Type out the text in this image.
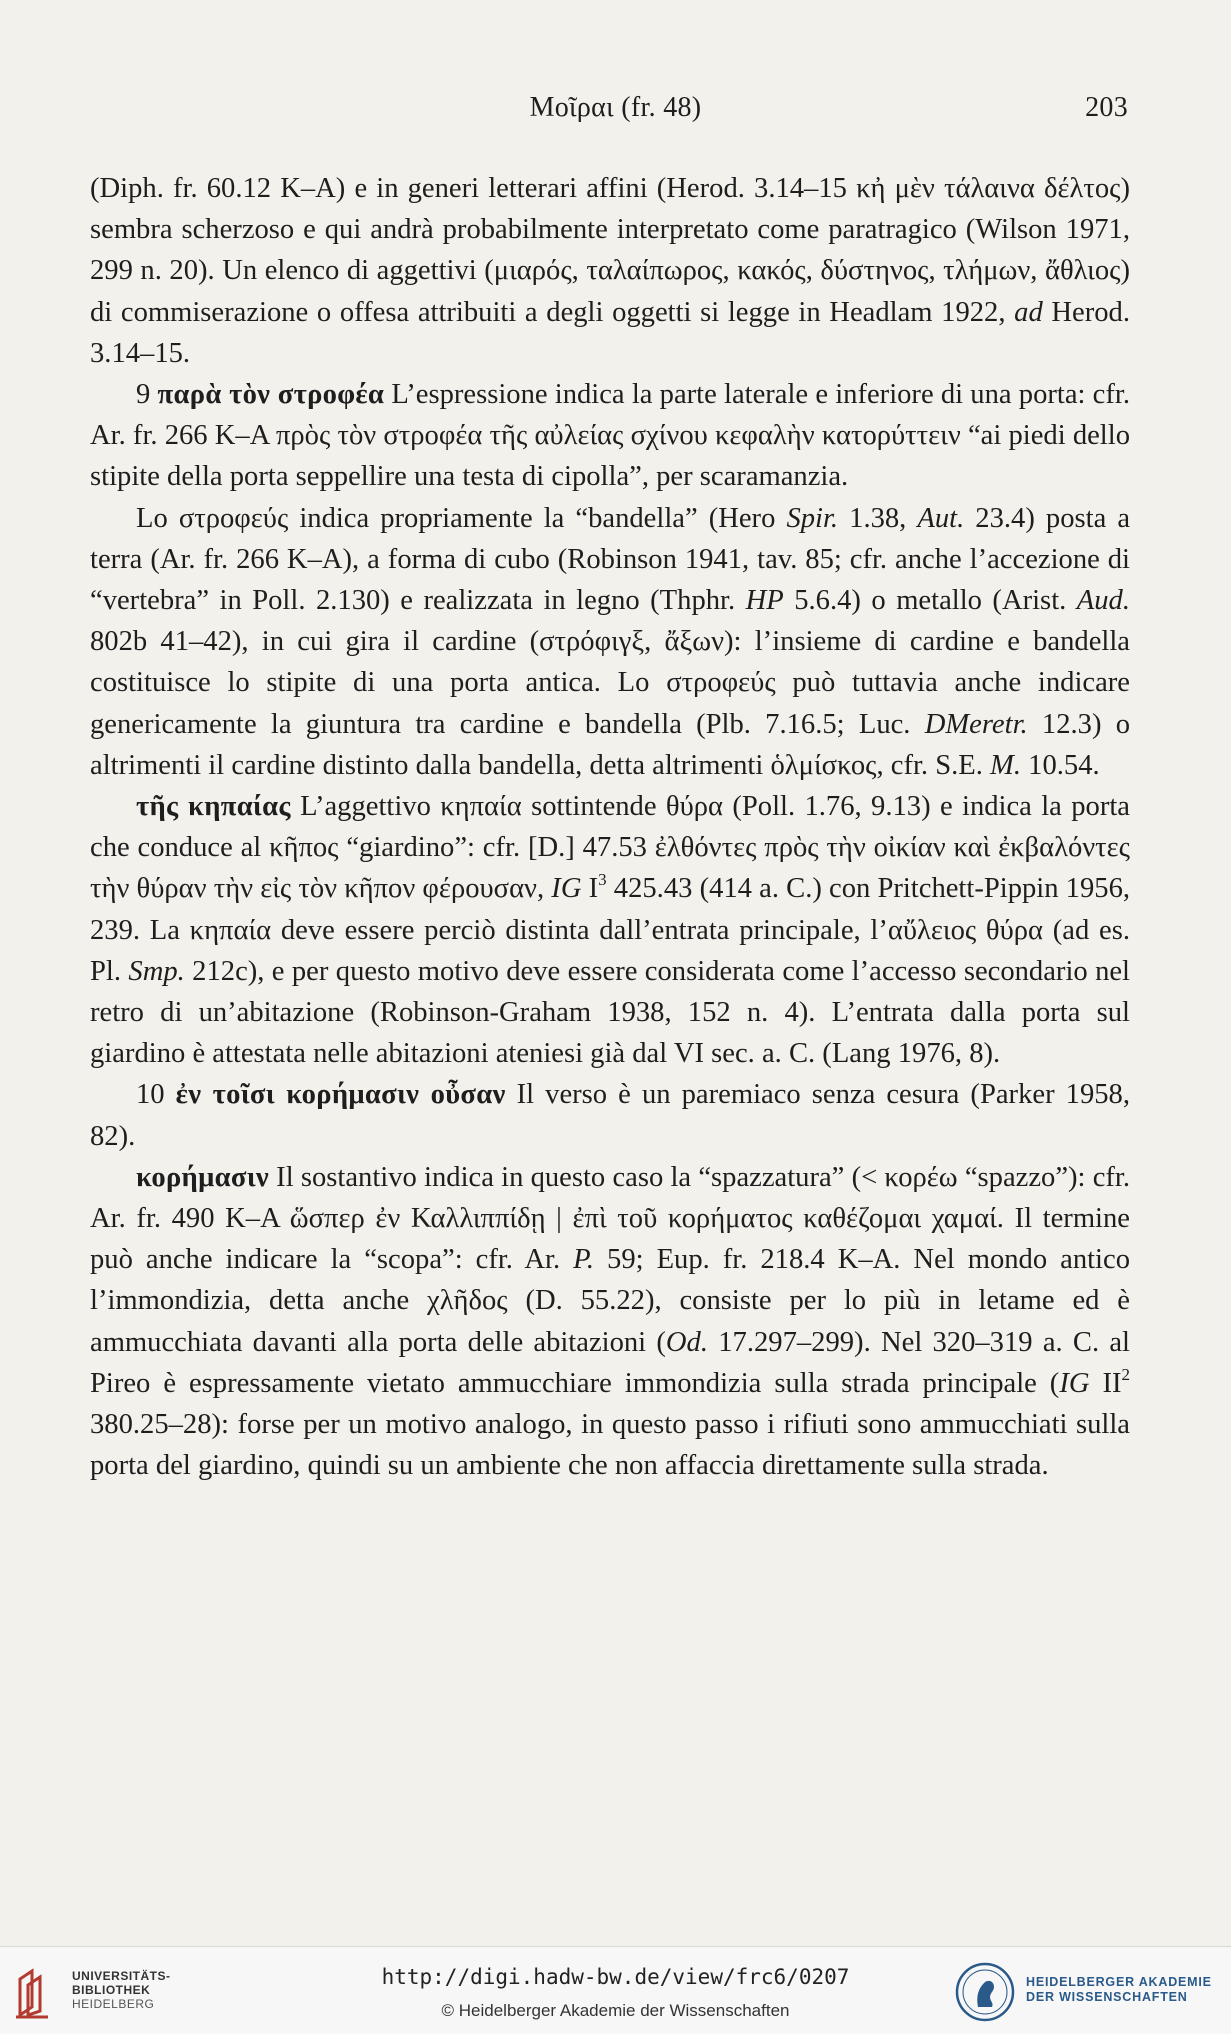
Μοῖραι (fr. 48)	203

(Diph. fr. 60.12 K–A) e in generi letterari affini (Herod. 3.14–15 κἠ μὲν τάλαινα δέλτος) sembra scherzoso e qui andrà probabilmente interpretato come paratragico (Wilson 1971, 299 n. 20). Un elenco di aggettivi (μιαρός, ταλαίπωρος, κακός, δύστηνος, τλήμων, ἄθλιος) di commiserazione o offesa attribuiti a degli oggetti si legge in Headlam 1922, ad Herod. 3.14–15.

9 παρὰ τὸν στροφέα L’espressione indica la parte laterale e inferiore di una porta: cfr. Ar. fr. 266 K–A πρὸς τὸν στροφέα τῆς αὐλείας σχίνου κεφαλὴν κατορύττειν “ai piedi dello stipite della porta seppellire una testa di cipolla”, per scaramanzia.

Lo στροφεύς indica propriamente la “bandella” (Hero Spir. 1.38, Aut. 23.4) posta a terra (Ar. fr. 266 K–A), a forma di cubo (Robinson 1941, tav. 85; cfr. anche l’accezione di “vertebra” in Poll. 2.130) e realizzata in legno (Thphr. HP 5.6.4) o metallo (Arist. Aud. 802b 41–42), in cui gira il cardine (στρόφιγξ, ἄξων): l’insieme di cardine e bandella costituisce lo stipite di una porta antica. Lo στροφεύς può tuttavia anche indicare genericamente la giuntura tra cardine e bandella (Plb. 7.16.5; Luc. DMeretr. 12.3) o altrimenti il cardine distinto dalla bandella, detta altrimenti ὁλμίσκος, cfr. S.E. M. 10.54.

τῆς κηπαίας L’aggettivo κηπαία sottintende θύρα (Poll. 1.76, 9.13) e indica la porta che conduce al κῆπος “giardino”: cfr. [D.] 47.53 ἐλθόντες πρὸς τὴν οἰκίαν καὶ ἐκβαλόντες τὴν θύραν τὴν εἰς τὸν κῆπον φέρουσαν, IG $I^3$ 425.43 (414 a. C.) con Pritchett-Pippin 1956, 239. La κηπαία deve essere perciò distinta dall’entrata principale, l’αὔλειος θύρα (ad es. Pl. Smp. 212c), e per questo motivo deve essere considerata come l’accesso secondario nel retro di un’abitazione (Robinson-Graham 1938, 152 n. 4). L’entrata dalla porta sul giardino è attestata nelle abitazioni ateniesi già dal VI sec. a. C. (Lang 1976, 8).

10 ἐν τοῖσι κορήμασιν οὖσαν Il verso è un paremiaco senza cesura (Parker 1958, 82).

κορήμασιν Il sostantivo indica in questo caso la “spazzatura” (< κορέω “spazzo”): cfr. Ar. fr. 490 K–A ὥσπερ ἐν Καλλιππίδῃ | ἐπὶ τοῦ κορήματος καθέζομαι χαμαί. Il termine può anche indicare la “scopa”: cfr. Ar. P. 59; Eup. fr. 218.4 K–A. Nel mondo antico l’immondizia, detta anche χλῆδος (D. 55.22), consiste per lo più in letame ed è ammucchiata davanti alla porta delle abitazioni (Od. 17.297–299). Nel 320–319 a. C. al Pireo è espressamente vietato ammucchiare immondizia sulla strada principale (IG $II^2$ 380.25–28): forse per un motivo analogo, in questo passo i rifiuti sono ammucchiati sulla porta del giardino, quindi su un ambiente che non affaccia direttamente sulla strada.

UNIVERSITÄTS-
BIBLIOTHEK
HEIDELBERG
http://digi.hadw-bw.de/view/frc6/0207
© Heidelberger Akademie der Wissenschaften
HEIDELBERGER AKADEMIE
DER WISSENSCHAFTEN
